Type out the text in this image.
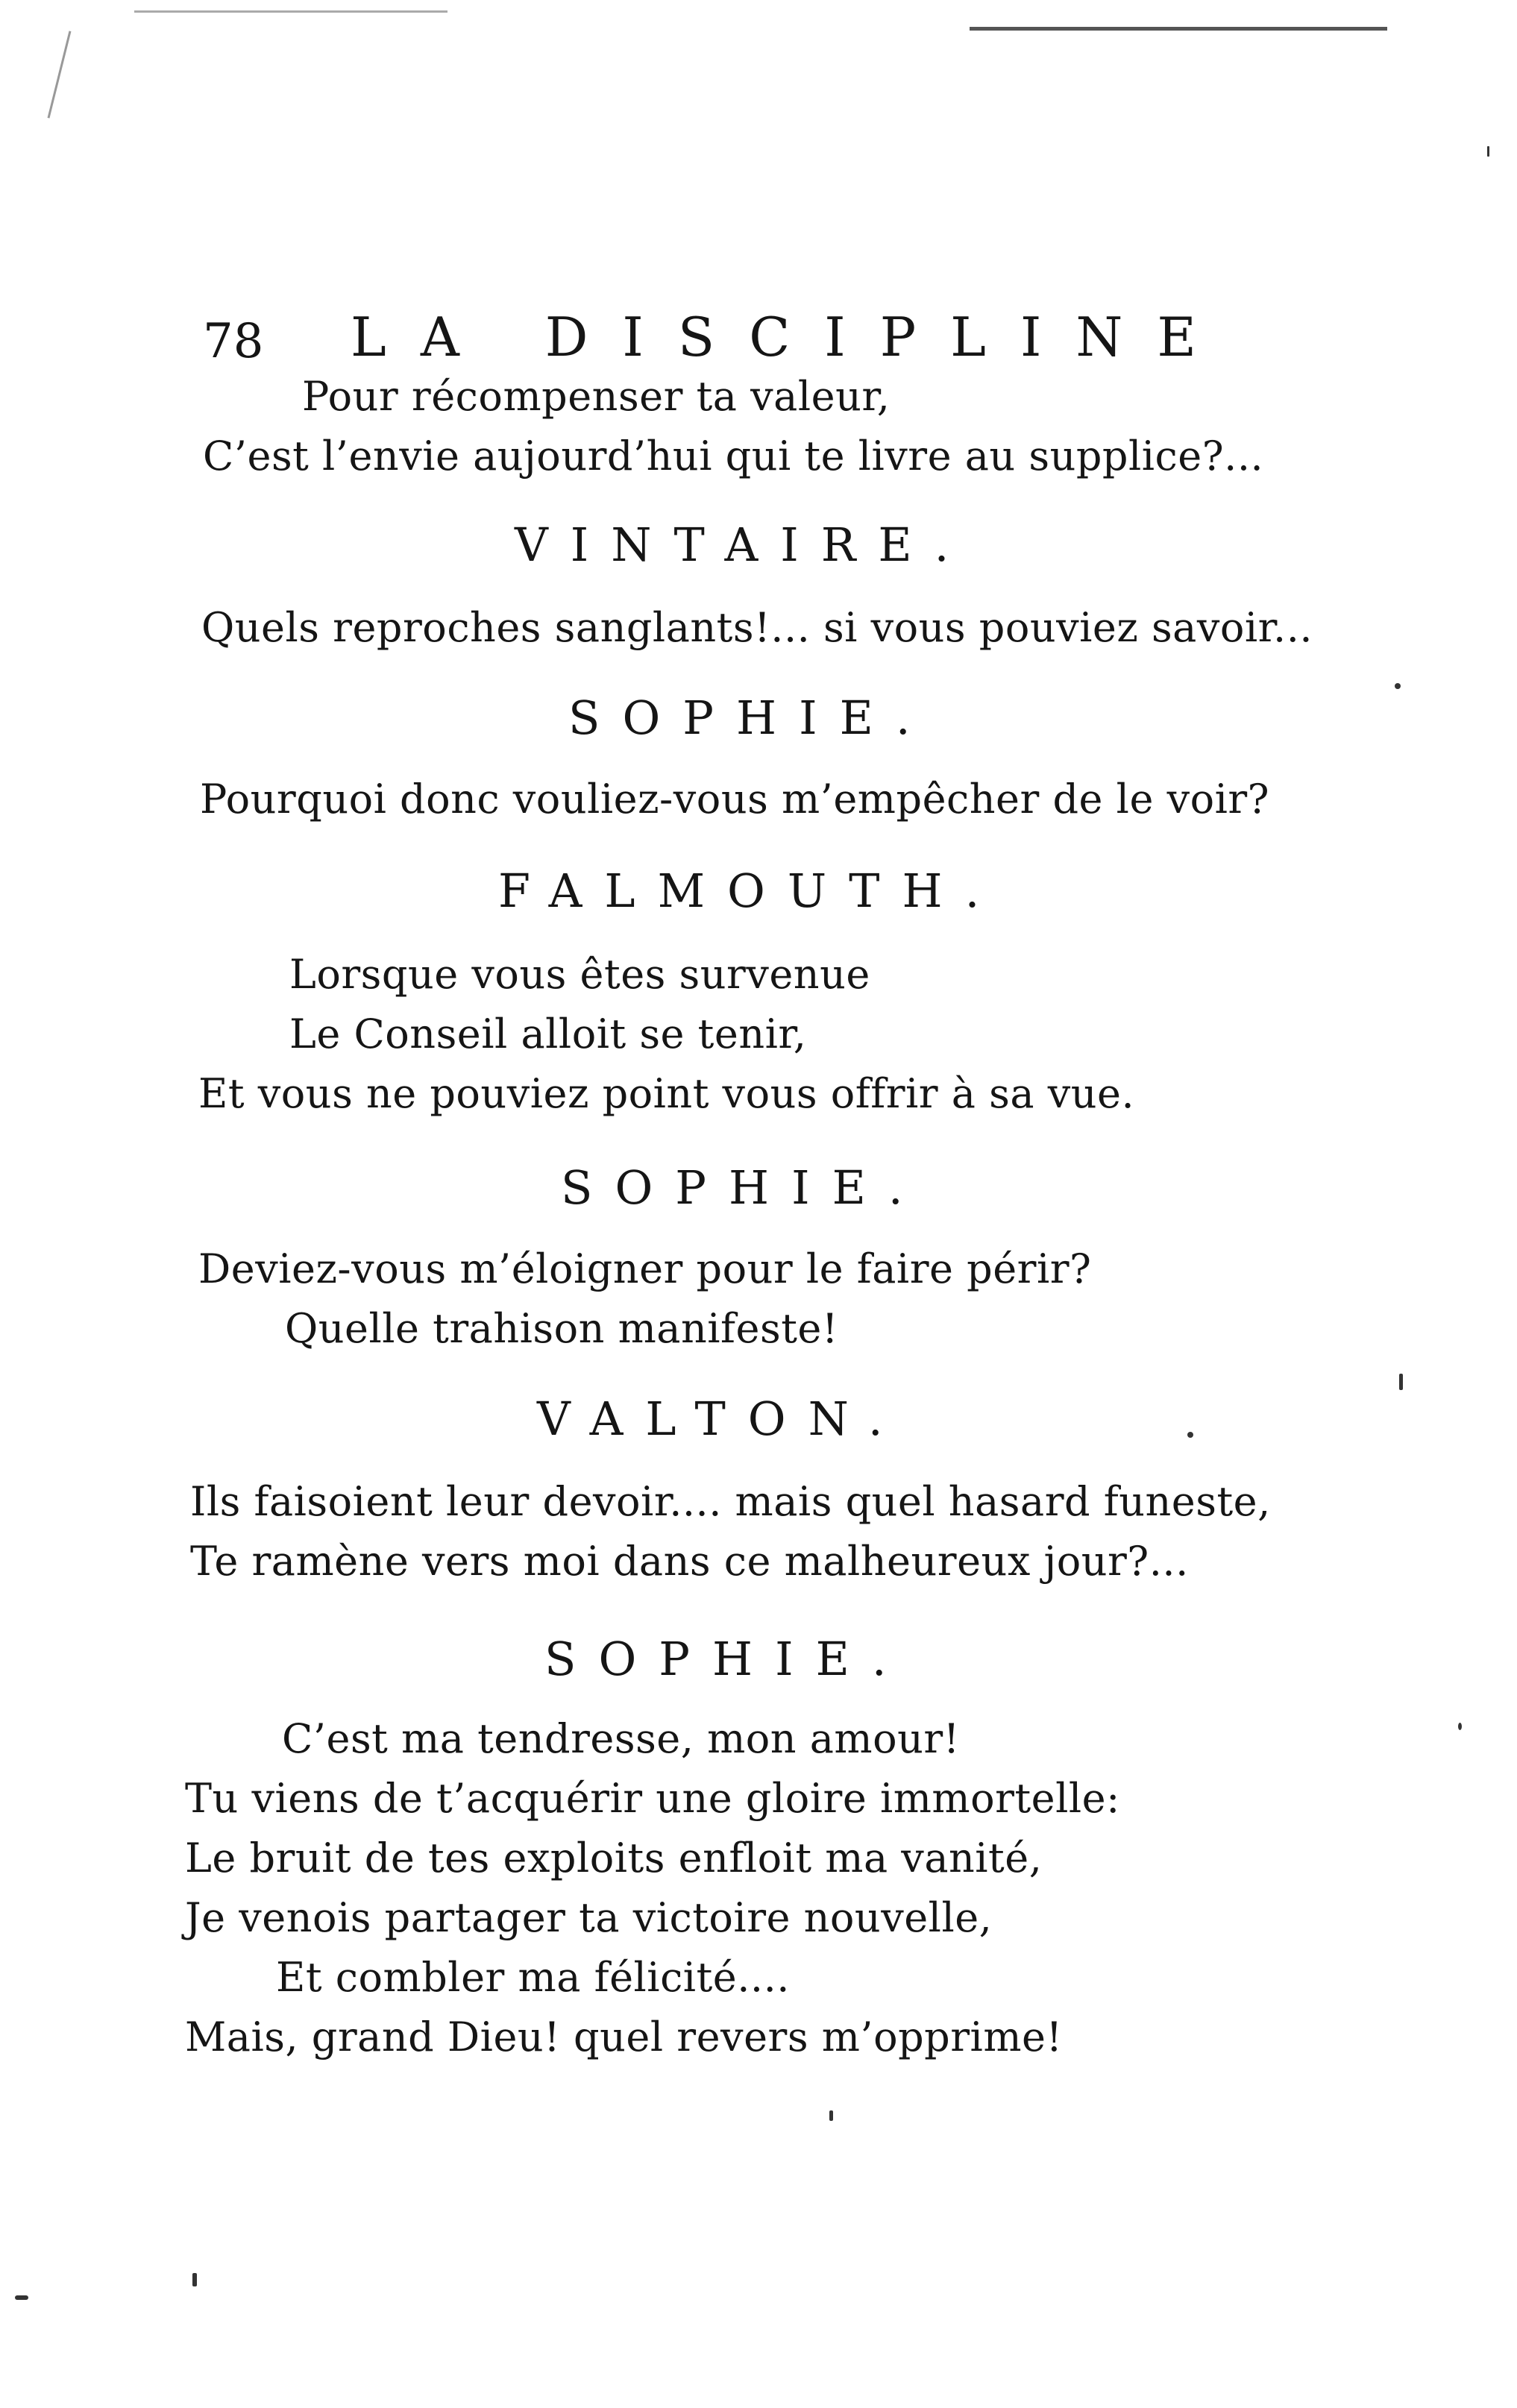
78 LA DISCIPLINE
Pour récompenser ta valeur,
C’est l’envie aujourd’hui qui te livre au supplice?...
VINTAIRE.
Quels reproches sanglants!... si vous pouviez savoir...
SOPHIE.
Pourquoi donc vouliez-vous m’empêcher de le voir?
FALMOUTH.
Lorsque vous êtes survenue
Le Conseil alloit se tenir,
Et vous ne pouviez point vous offrir à sa vue.
SOPHIE.
Deviez-vous m’éloigner pour le faire périr?
Quelle trahison manifeste!
VALTON.
Ils faisoient leur devoir.... mais quel hasard funeste,
Te ramène vers moi dans ce malheureux jour?...
SOPHIE.
C’est ma tendresse, mon amour!
Tu viens de t’acquérir une gloire immortelle:
Le bruit de tes exploits enfloit ma vanité,
Je venois partager ta victoire nouvelle,
Et combler ma félicité....
Mais, grand Dieu! quel revers m’opprime!
